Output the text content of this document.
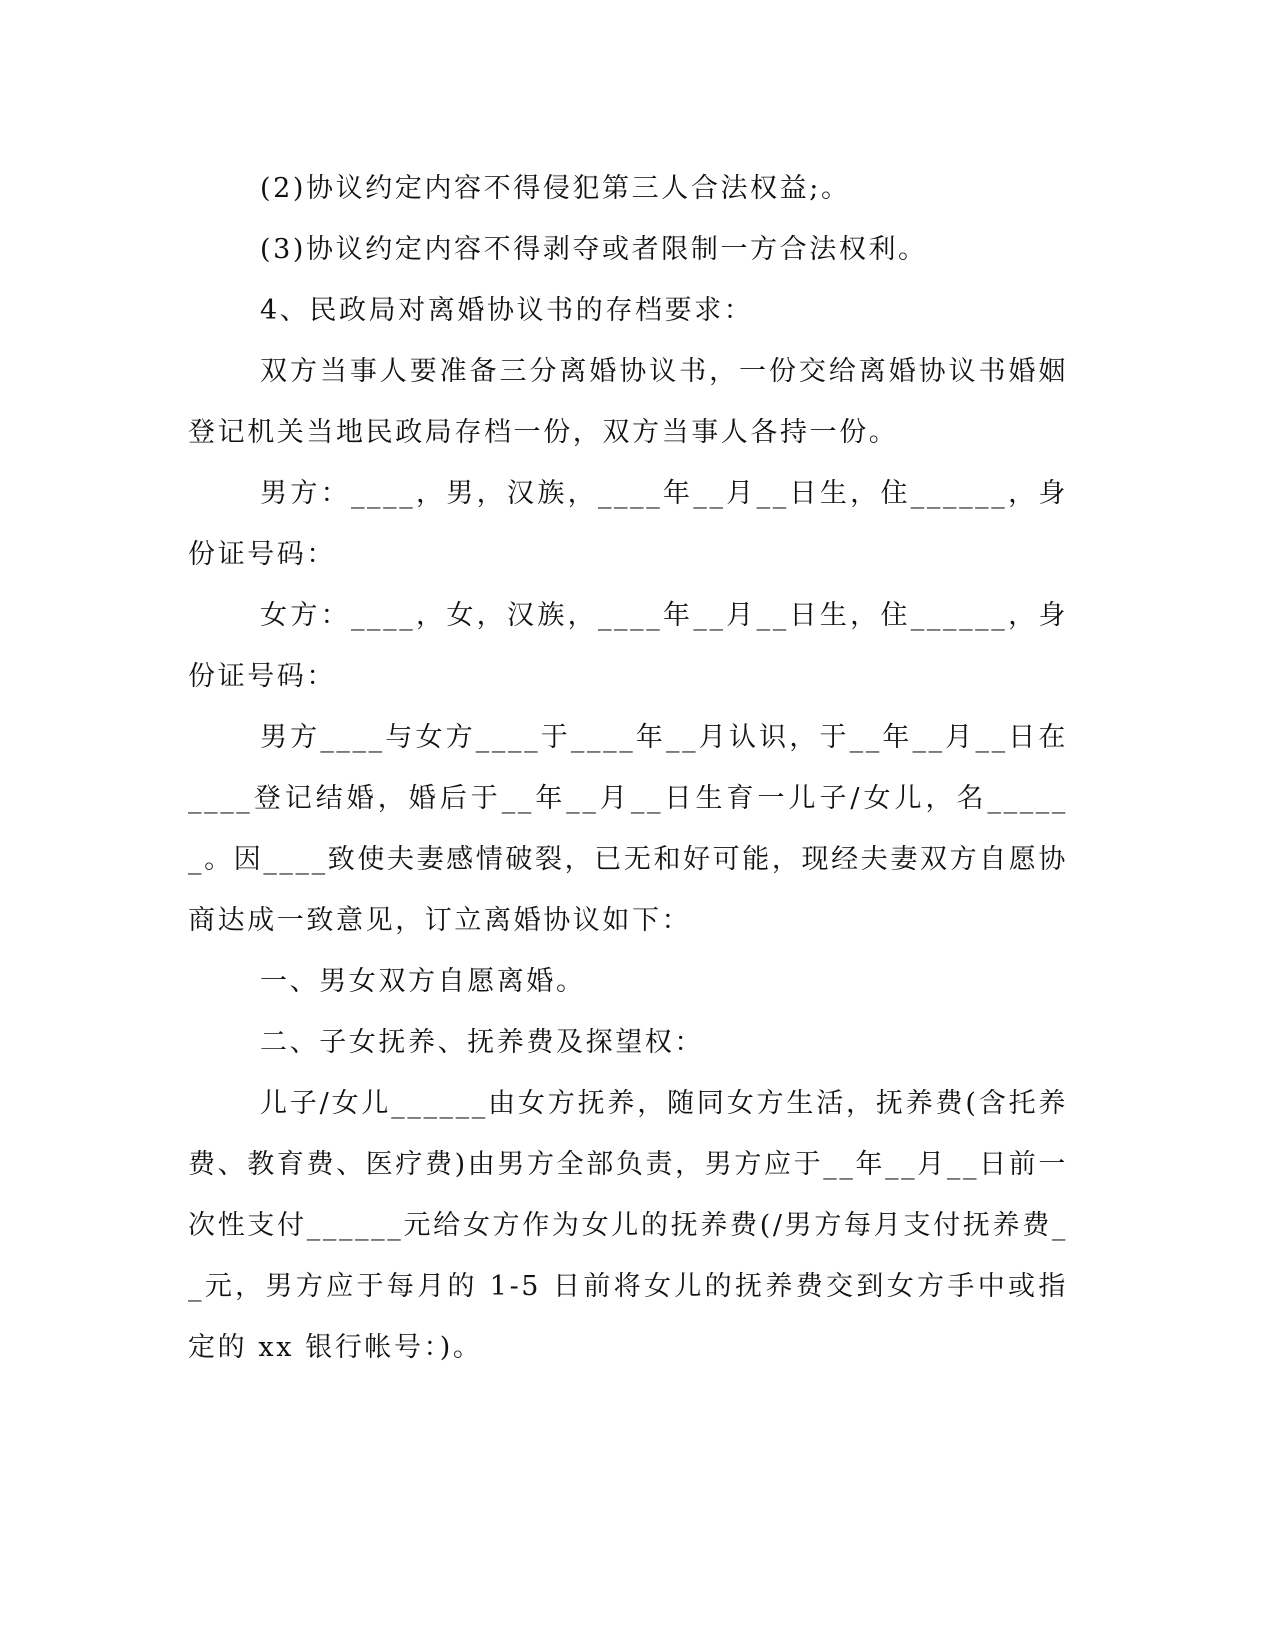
(2)协议约定内容不得侵犯第三人合法权益;。

(3)协议约定内容不得剥夺或者限制一方合法权利。

4、民政局对离婚协议书的存档要求：

双方当事人要准备三分离婚协议书，一份交给离婚协议书婚姻登记机关当地民政局存档一份，双方当事人各持一份。

男方：____，男，汉族，____年__月__日生，住______，身份证号码：

女方：____，女，汉族，____年__月__日生，住______，身份证号码：

男方____与女方____于____年__月认识，于__年__月__日在____登记结婚，婚后于__年__月__日生育一儿子/女儿，名______。因____致使夫妻感情破裂，已无和好可能，现经夫妻双方自愿协商达成一致意见，订立离婚协议如下：

一、男女双方自愿离婚。

二、子女抚养、抚养费及探望权：

儿子/女儿______由女方抚养，随同女方生活，抚养费(含托养费、教育费、医疗费)由男方全部负责，男方应于__年__月__日前一次性支付______元给女方作为女儿的抚养费(/男方每月支付抚养费__元，男方应于每月的 1-5 日前将女儿的抚养费交到女方手中或指定的 xx 银行帐号：)。
